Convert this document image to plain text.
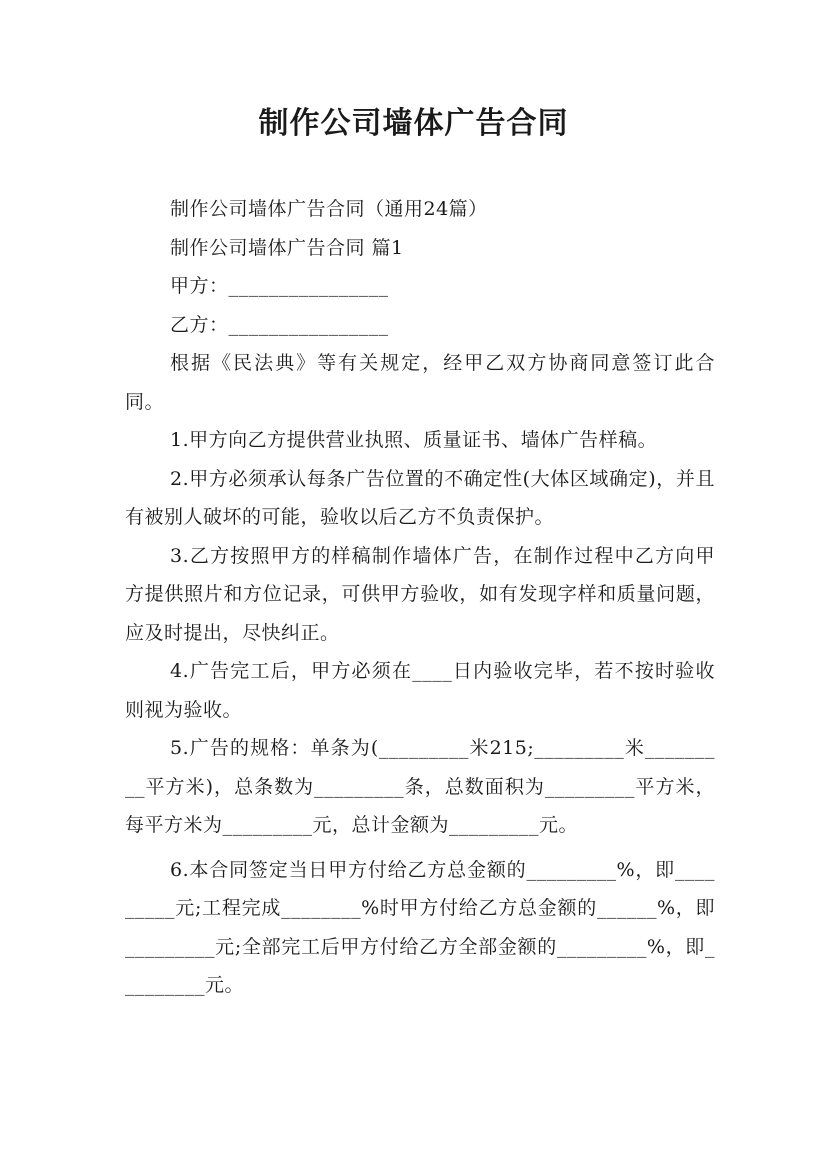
制作公司墙体广告合同

制作公司墙体广告合同（通用24篇）

制作公司墙体广告合同 篇1

甲方：________________

乙方：________________

根据《民法典》等有关规定，经甲乙双方协商同意签订此合同。

1.甲方向乙方提供营业执照、质量证书、墙体广告样稿。

2.甲方必须承认每条广告位置的不确定性(大体区域确定)，并且有被别人破坏的可能，验收以后乙方不负责保护。

3.乙方按照甲方的样稿制作墙体广告，在制作过程中乙方向甲方提供照片和方位记录，可供甲方验收，如有发现字样和质量问题，应及时提出，尽快纠正。

4.广告完工后，甲方必须在____日内验收完毕，若不按时验收则视为验收。

5.广告的规格：单条为(_________米215;_________米_________平方米)，总条数为_________条，总数面积为_________平方米，每平方米为_________元，总计金额为_________元。

6.本合同签定当日甲方付给乙方总金额的_________%，即_________元;工程完成________%时甲方付给乙方总金额的______%，即_________元;全部完工后甲方付给乙方全部金额的_________%，即_________元。
